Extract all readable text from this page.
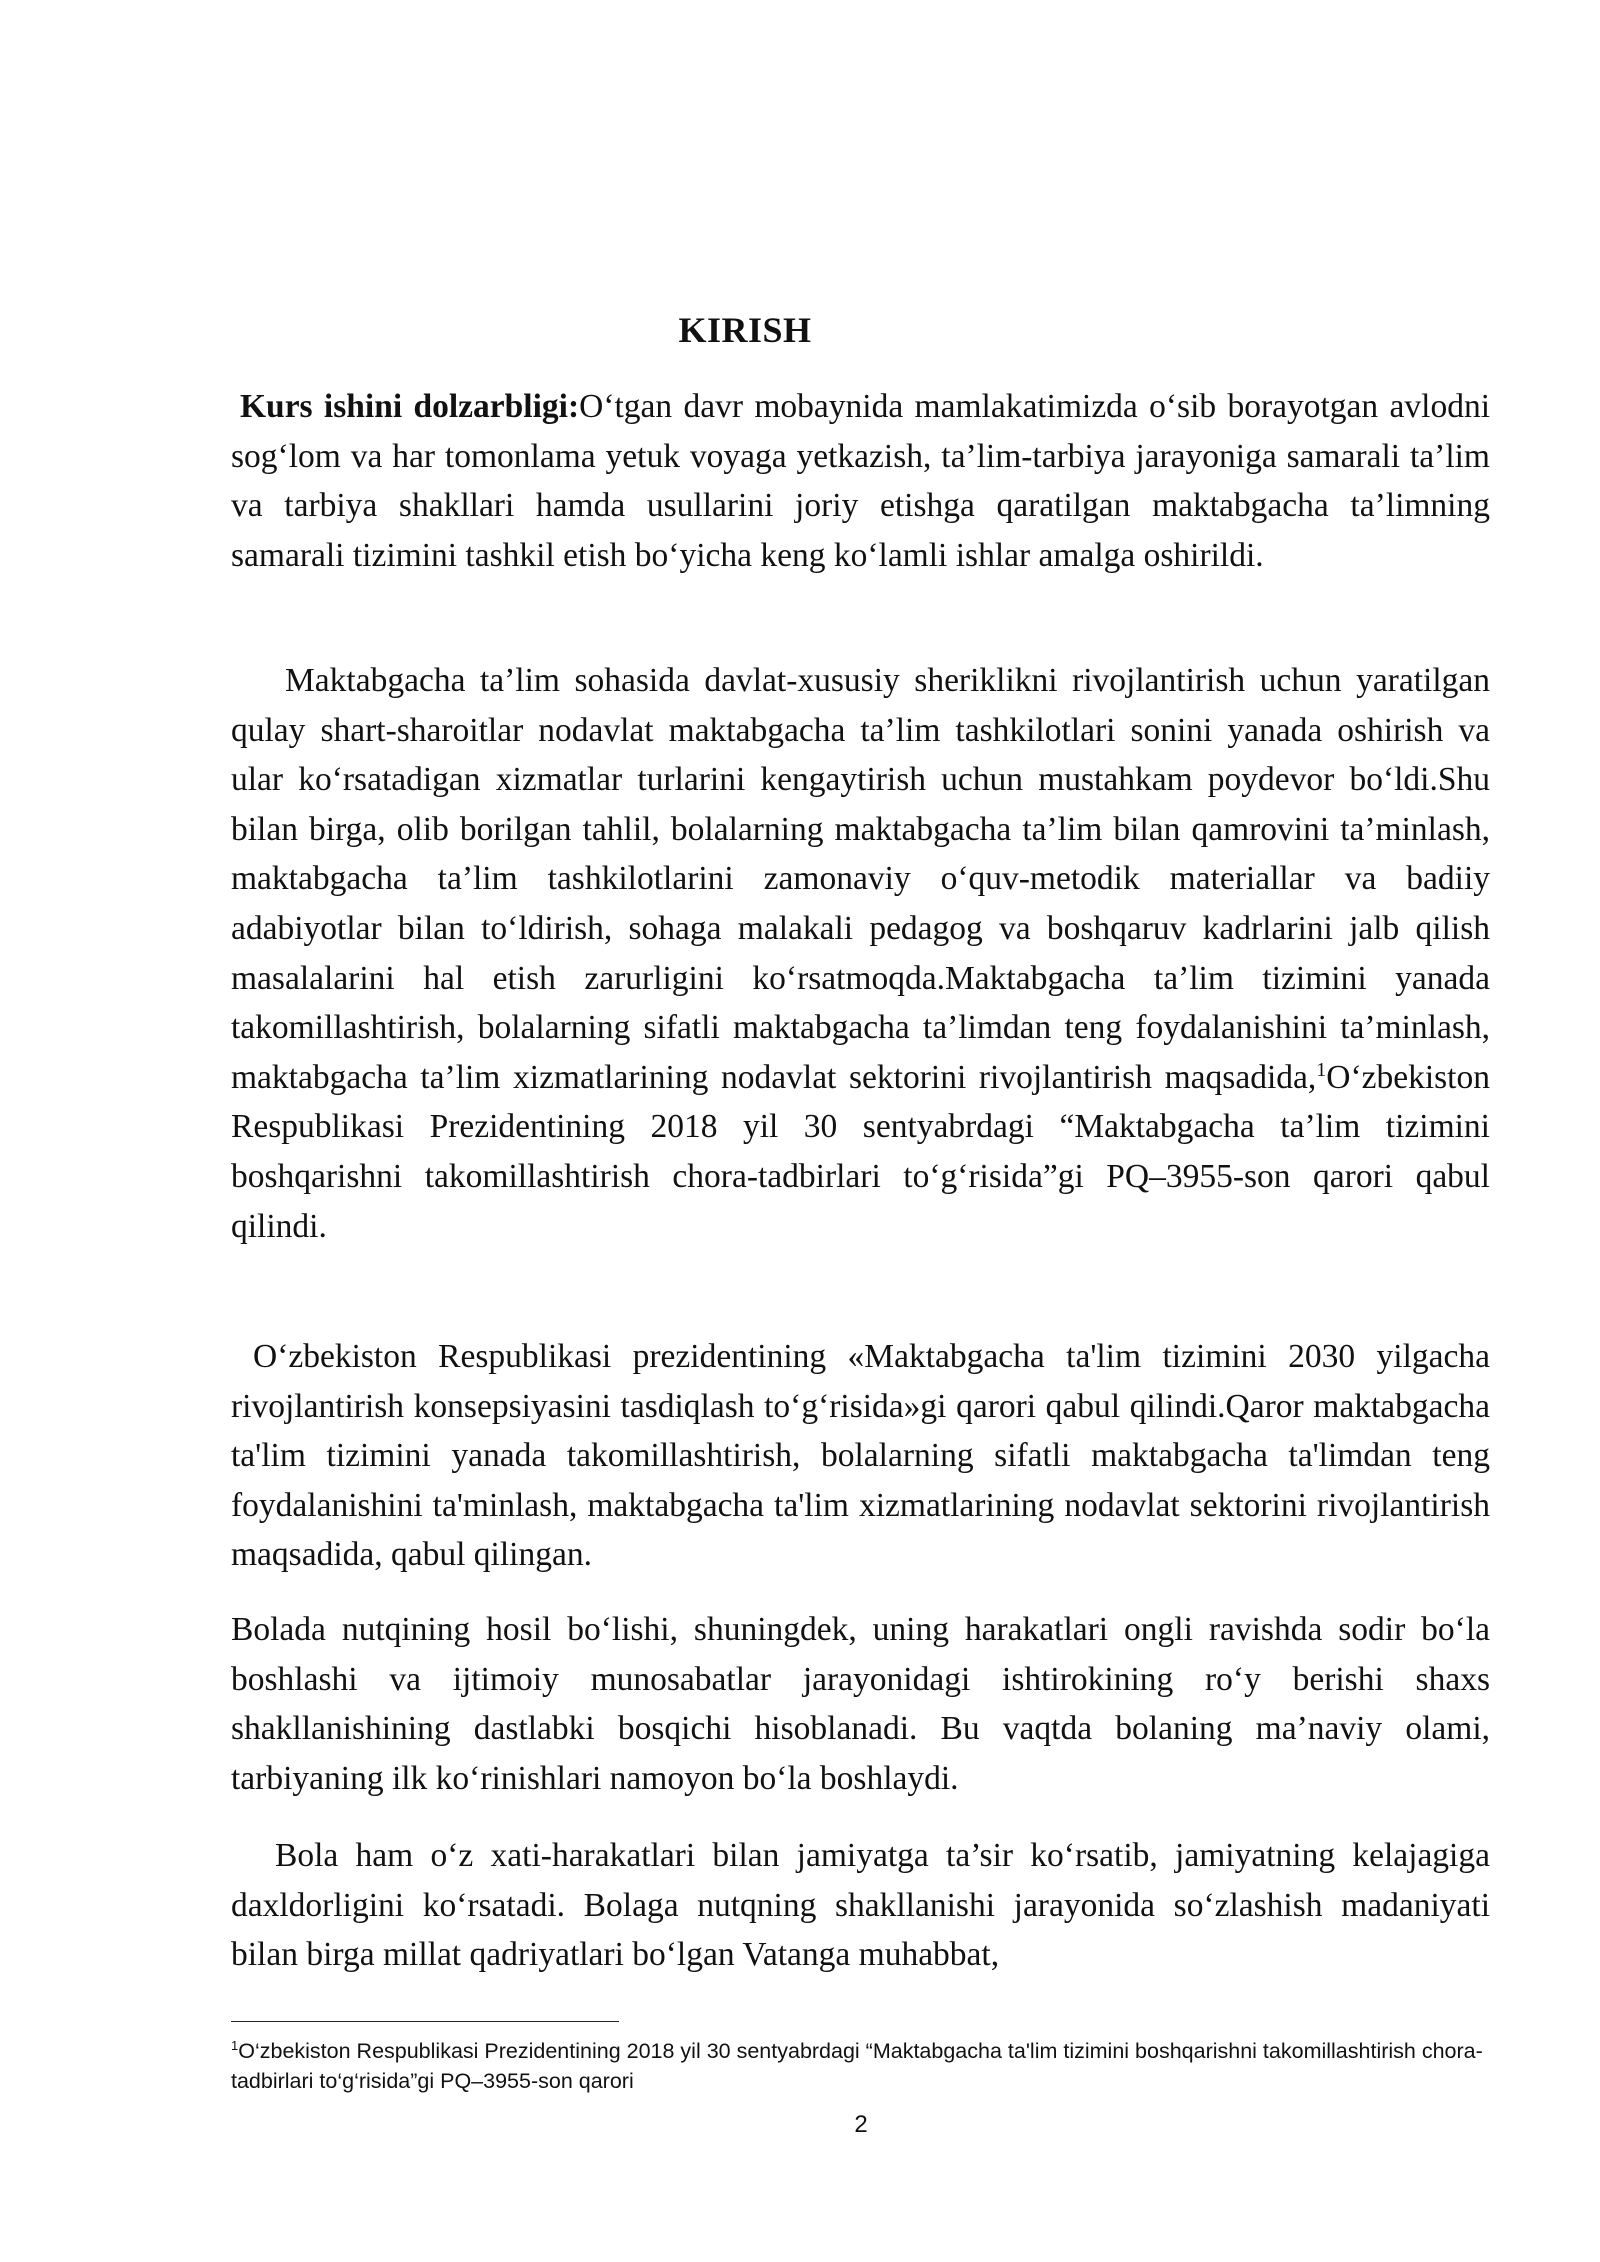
KIRISH

Kurs ishini dolzarbligi:O‘tgan davr mobaynida mamlakatimizda o‘sib borayotgan avlodni sog‘lom va har tomonlama yetuk voyaga yetkazish, ta’lim-tarbiya jarayoniga samarali ta’lim va tarbiya shakllari hamda usullarini joriy etishga qaratilgan maktabgacha ta’limning samarali tizimini tashkil etish bo‘yicha keng ko‘lamli ishlar amalga oshirildi.

Maktabgacha ta’lim sohasida davlat-xususiy sheriklikni rivojlantirish uchun yaratilgan qulay shart-sharoitlar nodavlat maktabgacha ta’lim tashkilotlari sonini yanada oshirish va ular ko‘rsatadigan xizmatlar turlarini kengaytirish uchun mustahkam poydevor bo‘ldi.Shu bilan birga, olib borilgan tahlil, bolalarning maktabgacha ta’lim bilan qamrovini ta’minlash, maktabgacha ta’lim tashkilotlarini zamonaviy o‘quv-metodik materiallar va badiiy adabiyotlar bilan to‘ldirish, sohaga malakali pedagog va boshqaruv kadrlarini jalb qilish masalalarini hal etish zarurligini ko‘rsatmoqda.Maktabgacha ta’lim tizimini yanada takomillashtirish, bolalarning sifatli maktabgacha ta’limdan teng foydalanishini ta’minlash, maktabgacha ta’lim xizmatlarining nodavlat sektorini rivojlantirish maqsadida,$^1$O‘zbekiston Respublikasi Prezidentining 2018 yil 30 sentyabrdagi “Maktabgacha ta’lim tizimini boshqarishni takomillashtirish chora-tadbirlari to‘g‘risida”gi PQ–3955-son qarori qabul qilindi.

O‘zbekiston Respublikasi prezidentining «Maktabgacha ta'lim tizimini 2030 yilgacha rivojlantirish konsepsiyasini tasdiqlash to‘g‘risida»gi qarori qabul qilindi.Qaror maktabgacha ta'lim tizimini yanada takomillashtirish, bolalarning sifatli maktabgacha ta'limdan teng foydalanishini ta'minlash, maktabgacha ta'lim xizmatlarining nodavlat sektorini rivojlantirish maqsadida, qabul qilingan.

Bolada nutqining hosil bo‘lishi, shuningdek, uning harakatlari ongli ravishda sodir bo‘la boshlashi va ijtimoiy munosabatlar jarayonidagi ishtirokining ro‘y berishi shaxs shakllanishining dastlabki bosqichi hisoblanadi. Bu vaqtda bolaning ma’naviy olami, tarbiyaning ilk ko‘rinishlari namoyon bo‘la boshlaydi.

Bola ham o‘z xati-harakatlari bilan jamiyatga ta’sir ko‘rsatib, jamiyatning kelajagiga daxldorligini ko‘rsatadi. Bolaga nutqning shakllanishi jarayonida so‘zlashish madaniyati bilan birga millat qadriyatlari bo‘lgan Vatanga muhabbat,

$^1$O‘zbekiston Respublikasi Prezidentining 2018 yil 30 sentyabrdagi “Maktabgacha ta'lim tizimini boshqarishni takomillashtirish chora-tadbirlari to‘g‘risida”gi PQ–3955-son qarori
2
